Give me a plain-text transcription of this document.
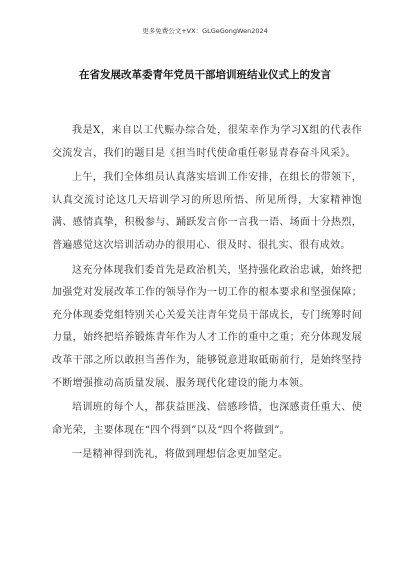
更多免费公文+VX：GLGeGongWen2024
在省发展改革委青年党员干部培训班结业仪式上的发言

我是X，来自以工代赈办综合处，很荣幸作为学习X组的代表作交流发言，我们的题目是《担当时代使命重任彰显青春奋斗风采》。

上午，我们全体组员认真落实培训工作安排，在组长的带领下，认真交流讨论这几天培训学习的所思所悟、所见所得，大家精神饱满、感情真挚，积极参与、踊跃发言你一言我一语、场面十分热烈，普遍感觉这次培训活动办的很用心、很及时、很扎实、很有成效。

这充分体现我们委首先是政治机关，坚持强化政治忠诚，始终把加强党对发展改革工作的领导作为一切工作的根本要求和坚强保障；充分体现委党组特别关心关爱关注青年党员干部成长，专门统筹时间力量，始终把培养锻炼青年作为人才工作的重中之重；充分体现发展改革干部之所以敢担当善作为，能够锐意进取砥砺前行，是始终坚持不断增强推动高质量发展、服务现代化建设的能力本领。

培训班的每个人，都获益匪浅、倍感珍惜，也深感责任重大、使命光荣，主要体现在“四个得到”以及“四个将做到”。

一是精神得到洗礼，将做到理想信念更加坚定。
